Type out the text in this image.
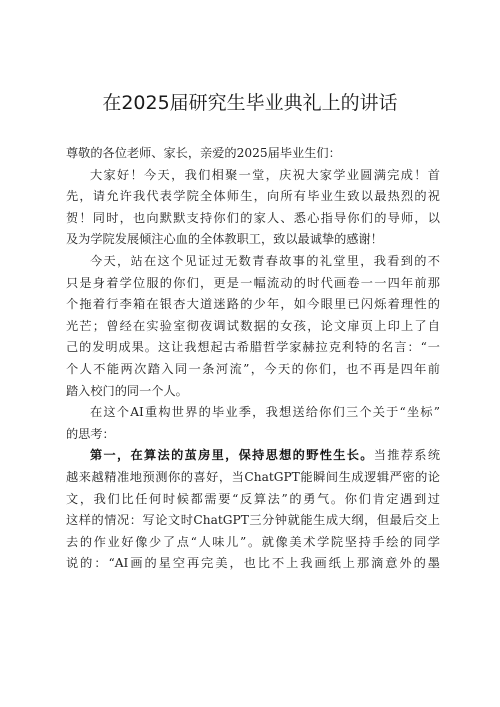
在2025届研究生毕业典礼上的讲话
尊敬的各位老师、家长，亲爱的2025届毕业生们：
大家好！今天，我们相聚一堂，庆祝大家学业圆满完成！首
先，请允许我代表学院全体师生，向所有毕业生致以最热烈的祝
贺！同时，也向默默支持你们的家人、悉心指导你们的导师，以
及为学院发展倾注心血的全体教职工，致以最诚挚的感谢！
今天，站在这个见证过无数青春故事的礼堂里，我看到的不
只是身着学位服的你们，更是一幅流动的时代画卷一一四年前那
个拖着行李箱在银杏大道迷路的少年，如今眼里已闪烁着理性的
光芒；曾经在实验室彻夜调试数据的女孩，论文扉页上印上了自
己的发明成果。这让我想起古希腊哲学家赫拉克利特的名言：“一
个人不能两次踏入同一条河流”，今天的你们，也不再是四年前
踏入校门的同一个人。
在这个AI重构世界的毕业季，我想送给你们三个关于“坐标”
的思考：
第一，在算法的茧房里，保持思想的野性生长。当推荐系统
越来越精准地预测你的喜好，当ChatGPT能瞬间生成逻辑严密的论
文，我们比任何时候都需要“反算法”的勇气。你们肯定遇到过
这样的情况：写论文时ChatGPT三分钟就能生成大纲，但最后交上
去的作业好像少了点“人味儿”。就像美术学院坚持手绘的同学
说的：“AI画的星空再完美，也比不上我画纸上那滴意外的墨
